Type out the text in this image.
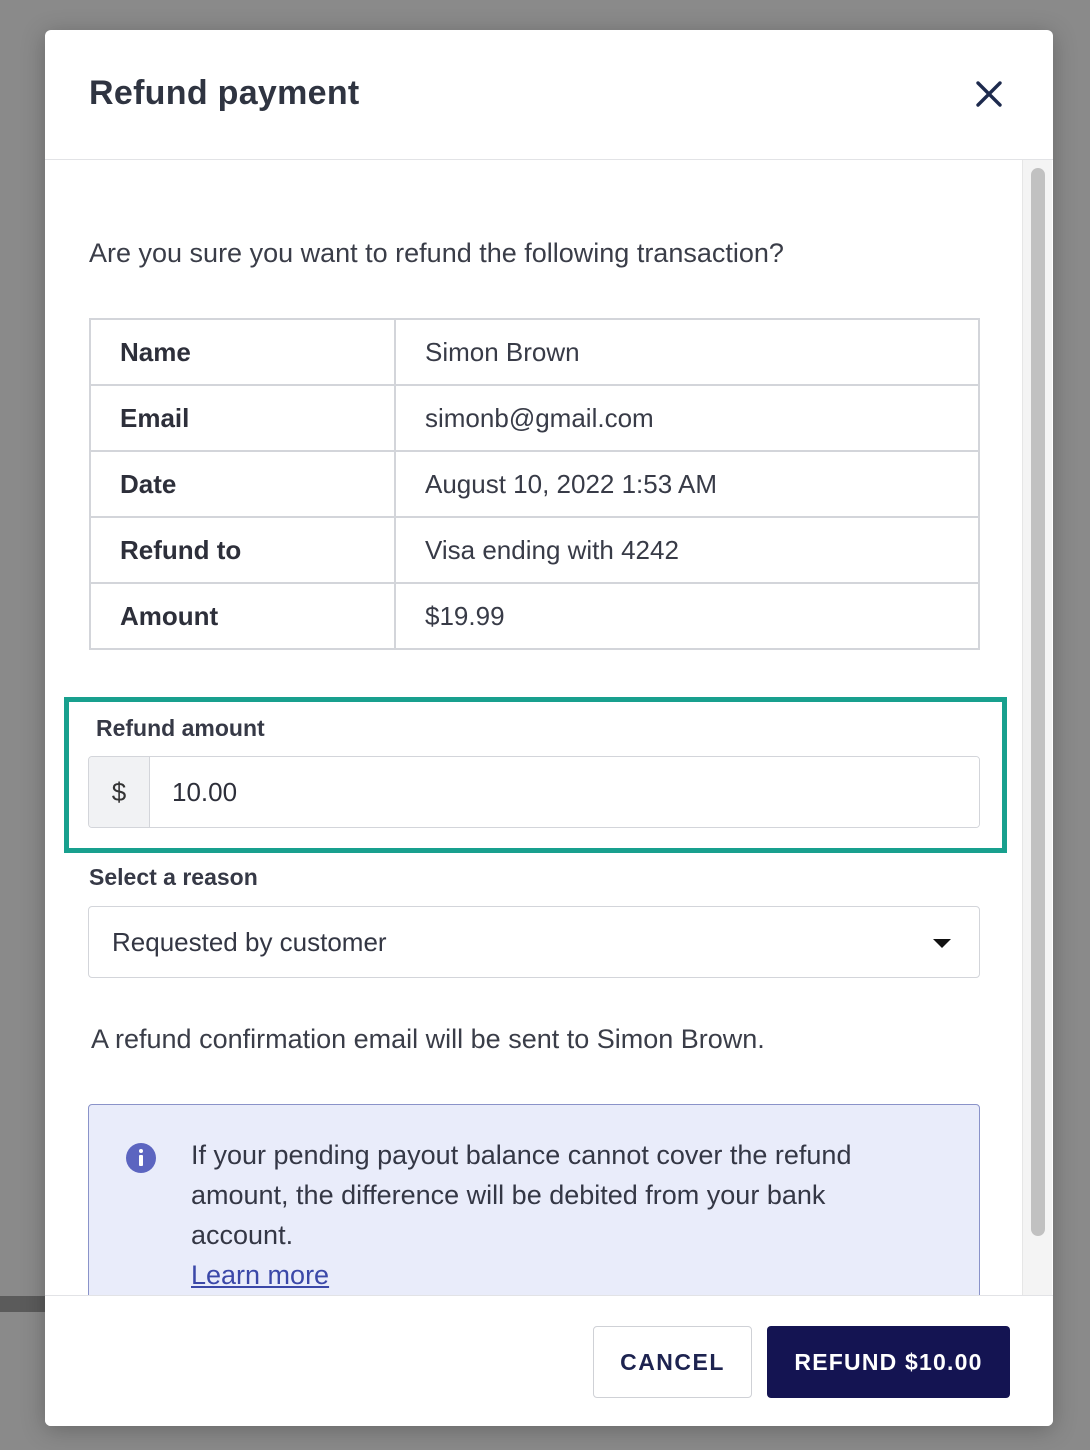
Refund payment
Are you sure you want to refund the following transaction?
Name	Simon Brown
Email	simonb@gmail.com
Date	August 10, 2022 1:53 AM
Refund to	Visa ending with 4242
Amount	$19.99
Refund amount
$
10.00
Select a reason
Requested by customer
A refund confirmation email will be sent to Simon Brown.
If your pending payout balance cannot cover the refund amount, the difference will be debited from your bank account.
Learn more
CANCEL	REFUND $10.00
